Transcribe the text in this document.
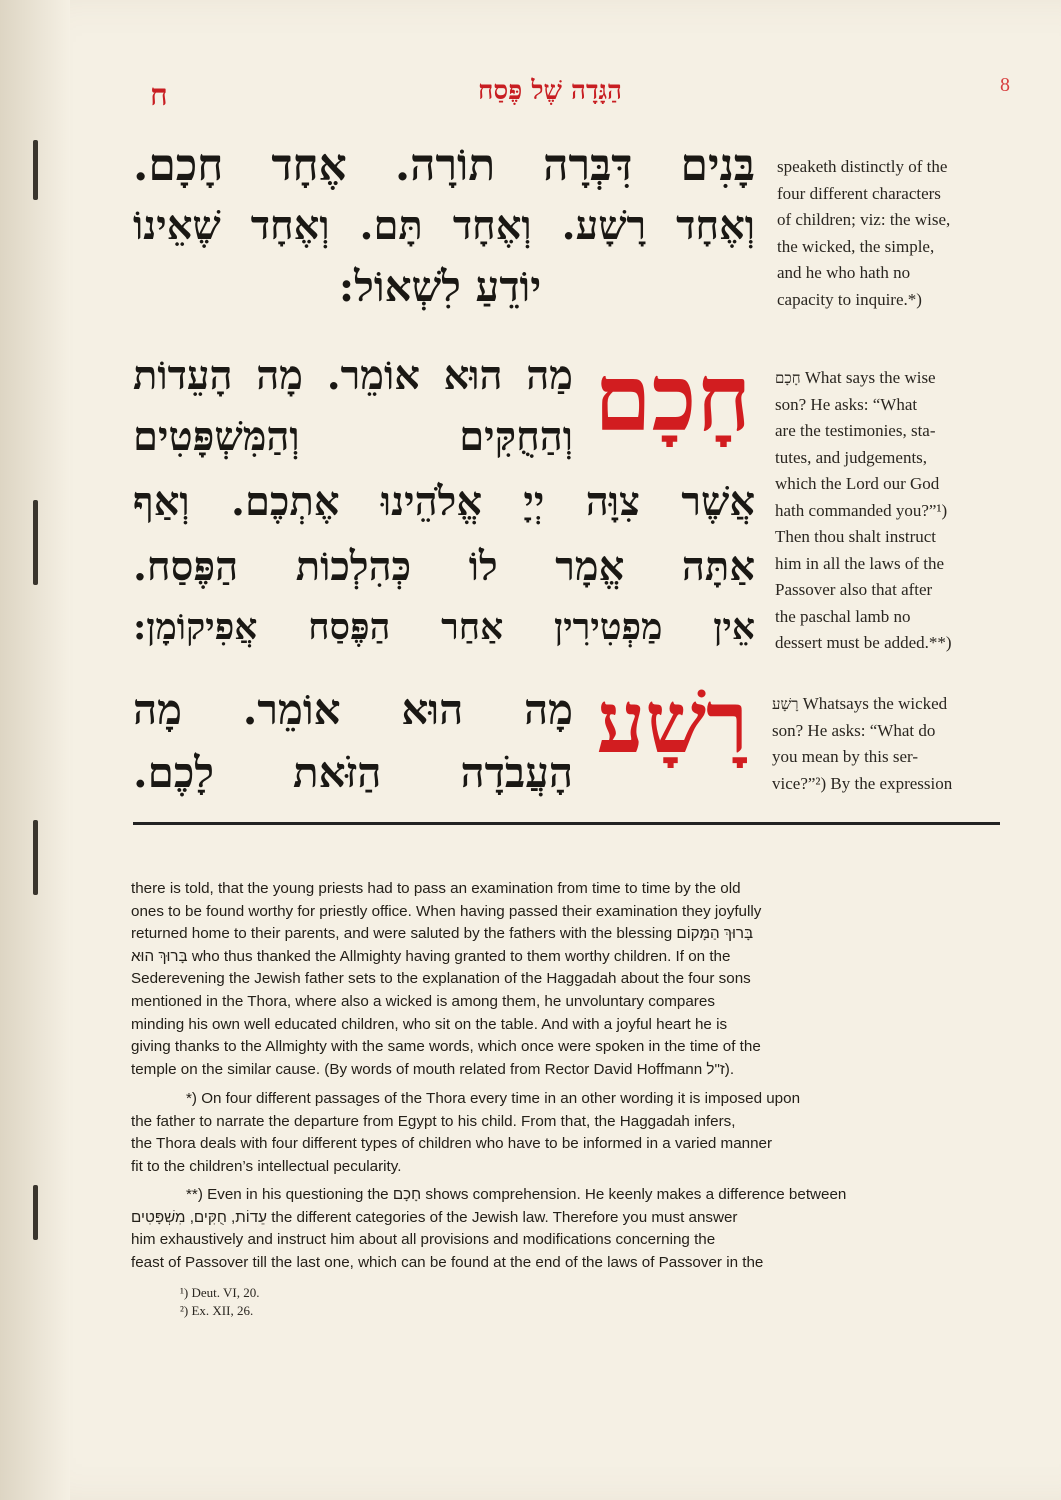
ח	הַגָּדָה שֶׁל פֶּסַח	8
בָּנִים דִּבְּרָה תוֹרָה. אֶחָד חָכָם.
וְאֶחָד רָשָׁע. וְאֶחָד תָּם. וְאֶחָד שֶׁאֵינוֹ
יוֹדֵעַ לִשְׁאוֹל:
חָכָם
מַה הוּא אוֹמֵר. מָה הָעֵדוֹת
וְהַחֻקִּים וְהַמִּשְׁפָּטִים
אֲשֶׁר צִוָּה יְיָ אֱלֹהֵינוּ אֶתְכֶם. וְאַף
אַתָּה אֱמָר לוֹ כְּהִלְכוֹת הַפֶּסַח.
אֵין מַפְטִירִין אַחַר הַפֶּסַח אֲפִיקוֹמָן:
רָשָׁע
מָה הוּא אוֹמֵר. מָה
הָעֲבֹדָה הַזֹּאת לָכֶם.
speaketh distinctly of the
four different characters
of children; viz: the wise,
the wicked, the simple,
and he who hath no
capacity to inquire.*)
חָכָם What says the wise
son? He asks: “What
are the testimonies, sta-
tutes, and judgements,
which the Lord our God
hath commanded you?”¹)
Then thou shalt instruct
him in all the laws of the
Passover also that after
the paschal lamb no
dessert must be added.**)
רָשָׁע Whatsays the wicked
son? He asks: “What do
you mean by this ser-
vice?”²) By the expression
there is told, that the young priests had to pass an examination from time to time by the old
ones to be found worthy for priestly office. When having passed their examination they joyfully
returned home to their parents, and were saluted by the fathers with the blessing בָּרוּךְ הַמָּקוֹם
בָּרוּךְ הוּא who thus thanked the Allmighty having granted to them worthy children. If on the
Sederevening the Jewish father sets to the explanation of the Haggadah about the four sons
mentioned in the Thora, where also a wicked is among them, he unvoluntary compares
minding his own well educated children, who sit on the table. And with a joyful heart he is
giving thanks to the Allmighty with the same words, which once were spoken in the time of the
temple on the similar cause. (By words of mouth related from Rector David Hoffmann ז"ל).
*) On four different passages of the Thora every time in an other wording it is imposed upon
the father to narrate the departure from Egypt to his child. From that, the Haggadah infers,
the Thora deals with four different types of children who have to be informed in a varied manner
fit to the children’s intellectual pecularity.
**) Even in his questioning the חָכָם shows comprehension. He keenly makes a difference between
עֵדוֹת, חֻקִּים, מִשְׁפָּטִים the different categories of the Jewish law. Therefore you must answer
him exhaustively and instruct him about all provisions and modifications concerning the
feast of Passover till the last one, which can be found at the end of the laws of Passover in the
¹) Deut. VI, 20.
²) Ex. XII, 26.
